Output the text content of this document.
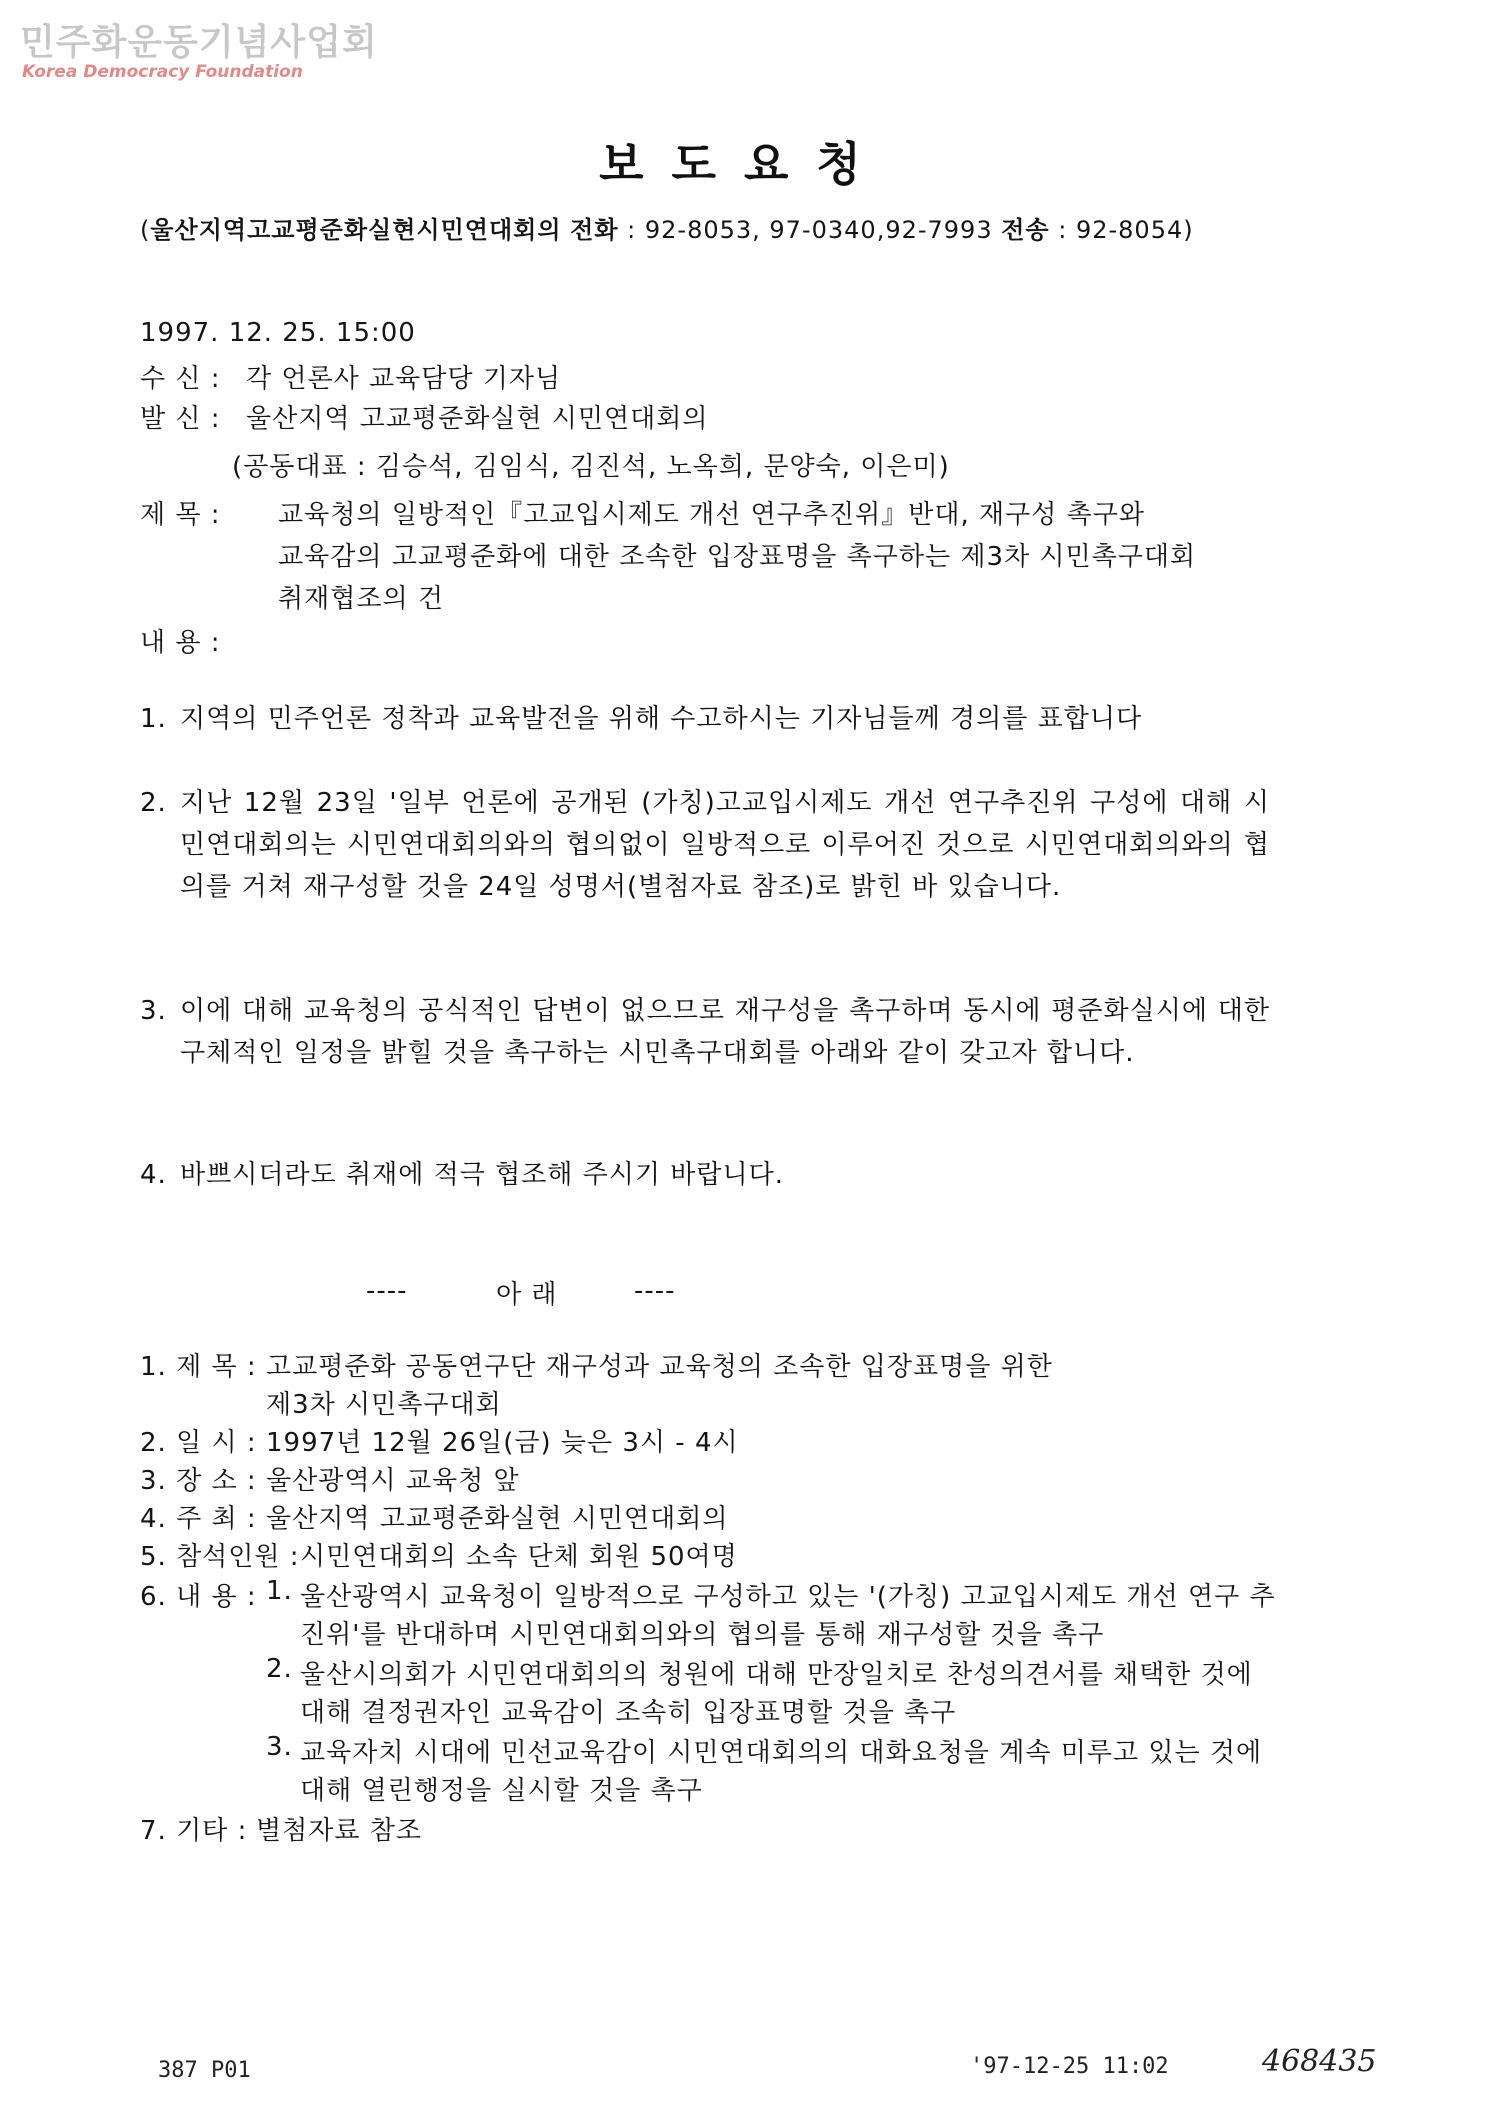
민주화운동기념사업회
Korea Democracy Foundation
보도요청
(울산지역고교평준화실현시민연대회의 전화 : 92-8053, 97-0340,92-7993 전송 : 92-8054)
1997. 12. 25. 15:00
수 신 : 각 언론사 교육담당 기자님
발 신 : 울산지역 고교평준화실현 시민연대회의
(공동대표 : 김승석, 김임식, 김진석, 노옥희, 문양숙, 이은미)
제 목 : 교육청의 일방적인『고교입시제도 개선 연구추진위』반대, 재구성 촉구와
교육감의 고교평준화에 대한 조속한 입장표명을 촉구하는 제3차 시민촉구대회
취재협조의 건
내 용 :
1. 지역의 민주언론 정착과 교육발전을 위해 수고하시는 기자님들께 경의를 표합니다
2. 지난 12월 23일 '일부 언론에 공개된 (가칭)고교입시제도 개선 연구추진위 구성에 대해 시민연대회의는 시민연대회의와의 협의없이 일방적으로 이루어진 것으로 시민연대회의와의 협의를 거쳐 재구성할 것을 24일 성명서(별첨자료 참조)로 밝힌 바 있습니다.
3. 이에 대해 교육청의 공식적인 답변이 없으므로 재구성을 촉구하며 동시에 평준화실시에 대한 구체적인 일정을 밝힐 것을 촉구하는 시민촉구대회를 아래와 같이 갖고자 합니다.
4. 바쁘시더라도 취재에 적극 협조해 주시기 바랍니다.
----	아 래	----
1. 제 목 : 고교평준화 공동연구단 재구성과 교육청의 조속한 입장표명을 위한
제3차 시민촉구대회
2. 일 시 : 1997년 12월 26일(금) 늦은 3시 - 4시
3. 장 소 : 울산광역시 교육청 앞
4. 주 최 : 울산지역 고교평준화실현 시민연대회의
5. 참석인원 : 시민연대회의 소속 단체 회원 50여명
6. 내 용 : 1. 울산광역시 교육청이 일방적으로 구성하고 있는 '(가칭) 고교입시제도 개선 연구 추
진위'를 반대하며 시민연대회의와의 협의를 통해 재구성할 것을 촉구
2. 울산시의회가 시민연대회의의 청원에 대해 만장일치로 찬성의견서를 채택한 것에
대해 결정권자인 교육감이 조속히 입장표명할 것을 촉구
3. 교육자치 시대에 민선교육감이 시민연대회의의 대화요청을 계속 미루고 있는 것에
대해 열린행정을 실시할 것을 촉구
7. 기타 : 별첨자료 참조
387 P01	'97-12-25 11:02	468435
